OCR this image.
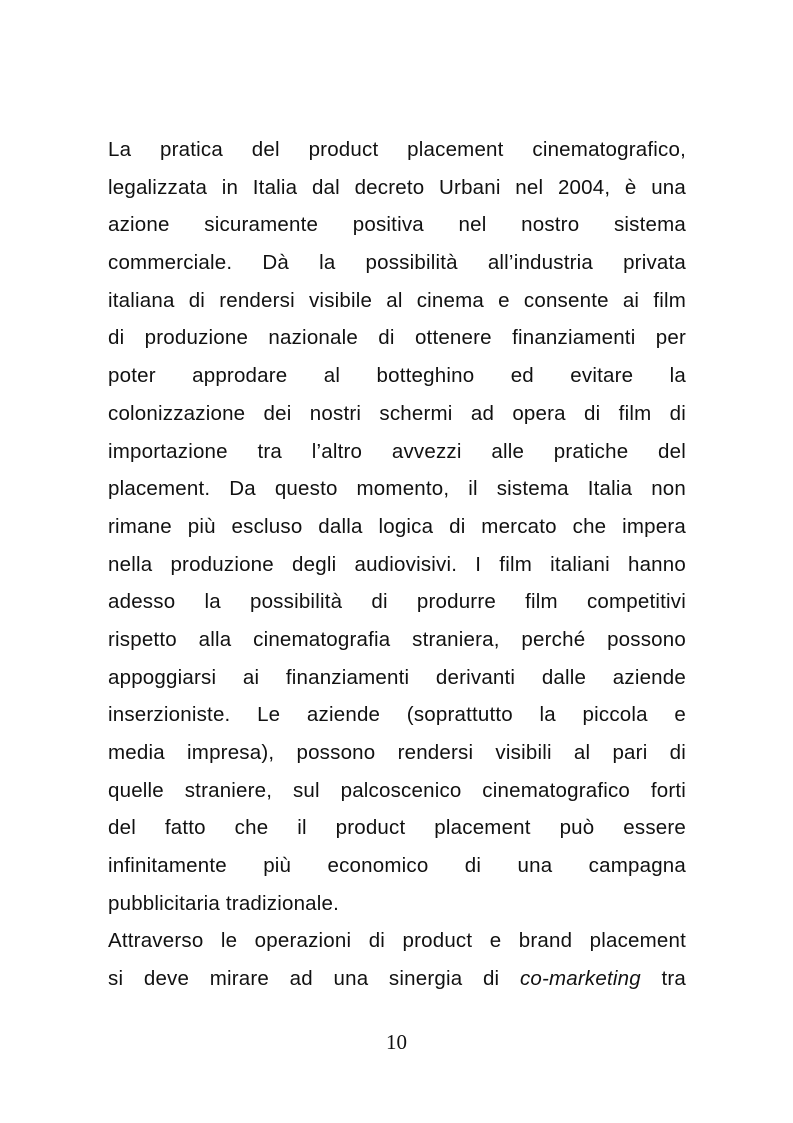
La pratica del product placement cinematografico,
legalizzata in Italia dal decreto Urbani nel 2004, è una
azione sicuramente positiva nel nostro sistema
commerciale. Dà la possibilità all’industria privata
italiana di rendersi visibile al cinema e consente ai film
di produzione nazionale di ottenere finanziamenti per
poter approdare al botteghino ed evitare la
colonizzazione dei nostri schermi ad opera di film di
importazione tra l’altro avvezzi alle pratiche del
placement. Da questo momento, il sistema Italia non
rimane più escluso dalla logica di mercato che impera
nella produzione degli audiovisivi. I film italiani hanno
adesso la possibilità di produrre film competitivi
rispetto alla cinematografia straniera, perché possono
appoggiarsi ai finanziamenti derivanti dalle aziende
inserzioniste. Le aziende (soprattutto la piccola e
media impresa), possono rendersi visibili al pari di
quelle straniere, sul palcoscenico cinematografico forti
del fatto che il product placement può essere
infinitamente più economico di una campagna
pubblicitaria tradizionale.
Attraverso le operazioni di product e brand placement
si deve mirare ad una sinergia di co-marketing tra
10
